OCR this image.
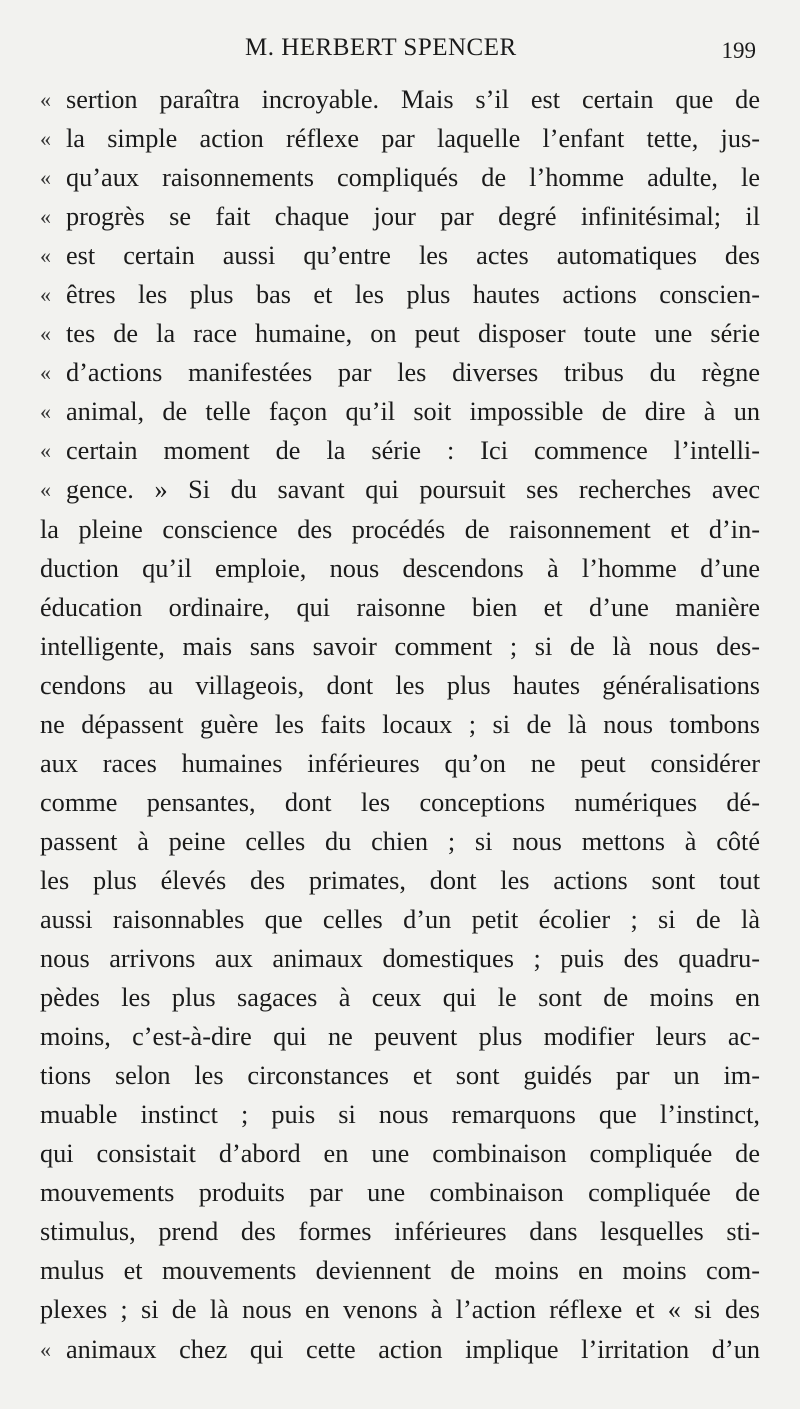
M. HERBERT SPENCER	199
« sertion paraîtra incroyable. Mais s’il est certain que de
« la simple action réflexe par laquelle l’enfant tette, jus-
« qu’aux raisonnements compliqués de l’homme adulte, le
« progrès se fait chaque jour par degré infinitésimal; il
« est certain aussi qu’entre les actes automatiques des
« êtres les plus bas et les plus hautes actions conscien-
« tes de la race humaine, on peut disposer toute une série
« d’actions manifestées par les diverses tribus du règne
« animal, de telle façon qu’il soit impossible de dire à un
« certain moment de la série : Ici commence l’intelli-
« gence. » Si du savant qui poursuit ses recherches avec
la pleine conscience des procédés de raisonnement et d’in-
duction qu’il emploie, nous descendons à l’homme d’une
éducation ordinaire, qui raisonne bien et d’une manière
intelligente, mais sans savoir comment ; si de là nous des-
cendons au villageois, dont les plus hautes généralisations
ne dépassent guère les faits locaux ; si de là nous tombons
aux races humaines inférieures qu’on ne peut considérer
comme pensantes, dont les conceptions numériques dé-
passent à peine celles du chien ; si nous mettons à côté
les plus élevés des primates, dont les actions sont tout
aussi raisonnables que celles d’un petit écolier ; si de là
nous arrivons aux animaux domestiques ; puis des quadru-
pèdes les plus sagaces à ceux qui le sont de moins en
moins, c’est-à-dire qui ne peuvent plus modifier leurs ac-
tions selon les circonstances et sont guidés par un im-
muable instinct ; puis si nous remarquons que l’instinct,
qui consistait d’abord en une combinaison compliquée de
mouvements produits par une combinaison compliquée de
stimulus, prend des formes inférieures dans lesquelles sti-
mulus et mouvements deviennent de moins en moins com-
plexes ; si de là nous en venons à l’action réflexe et « si des
« animaux chez qui cette action implique l’irritation d’un
